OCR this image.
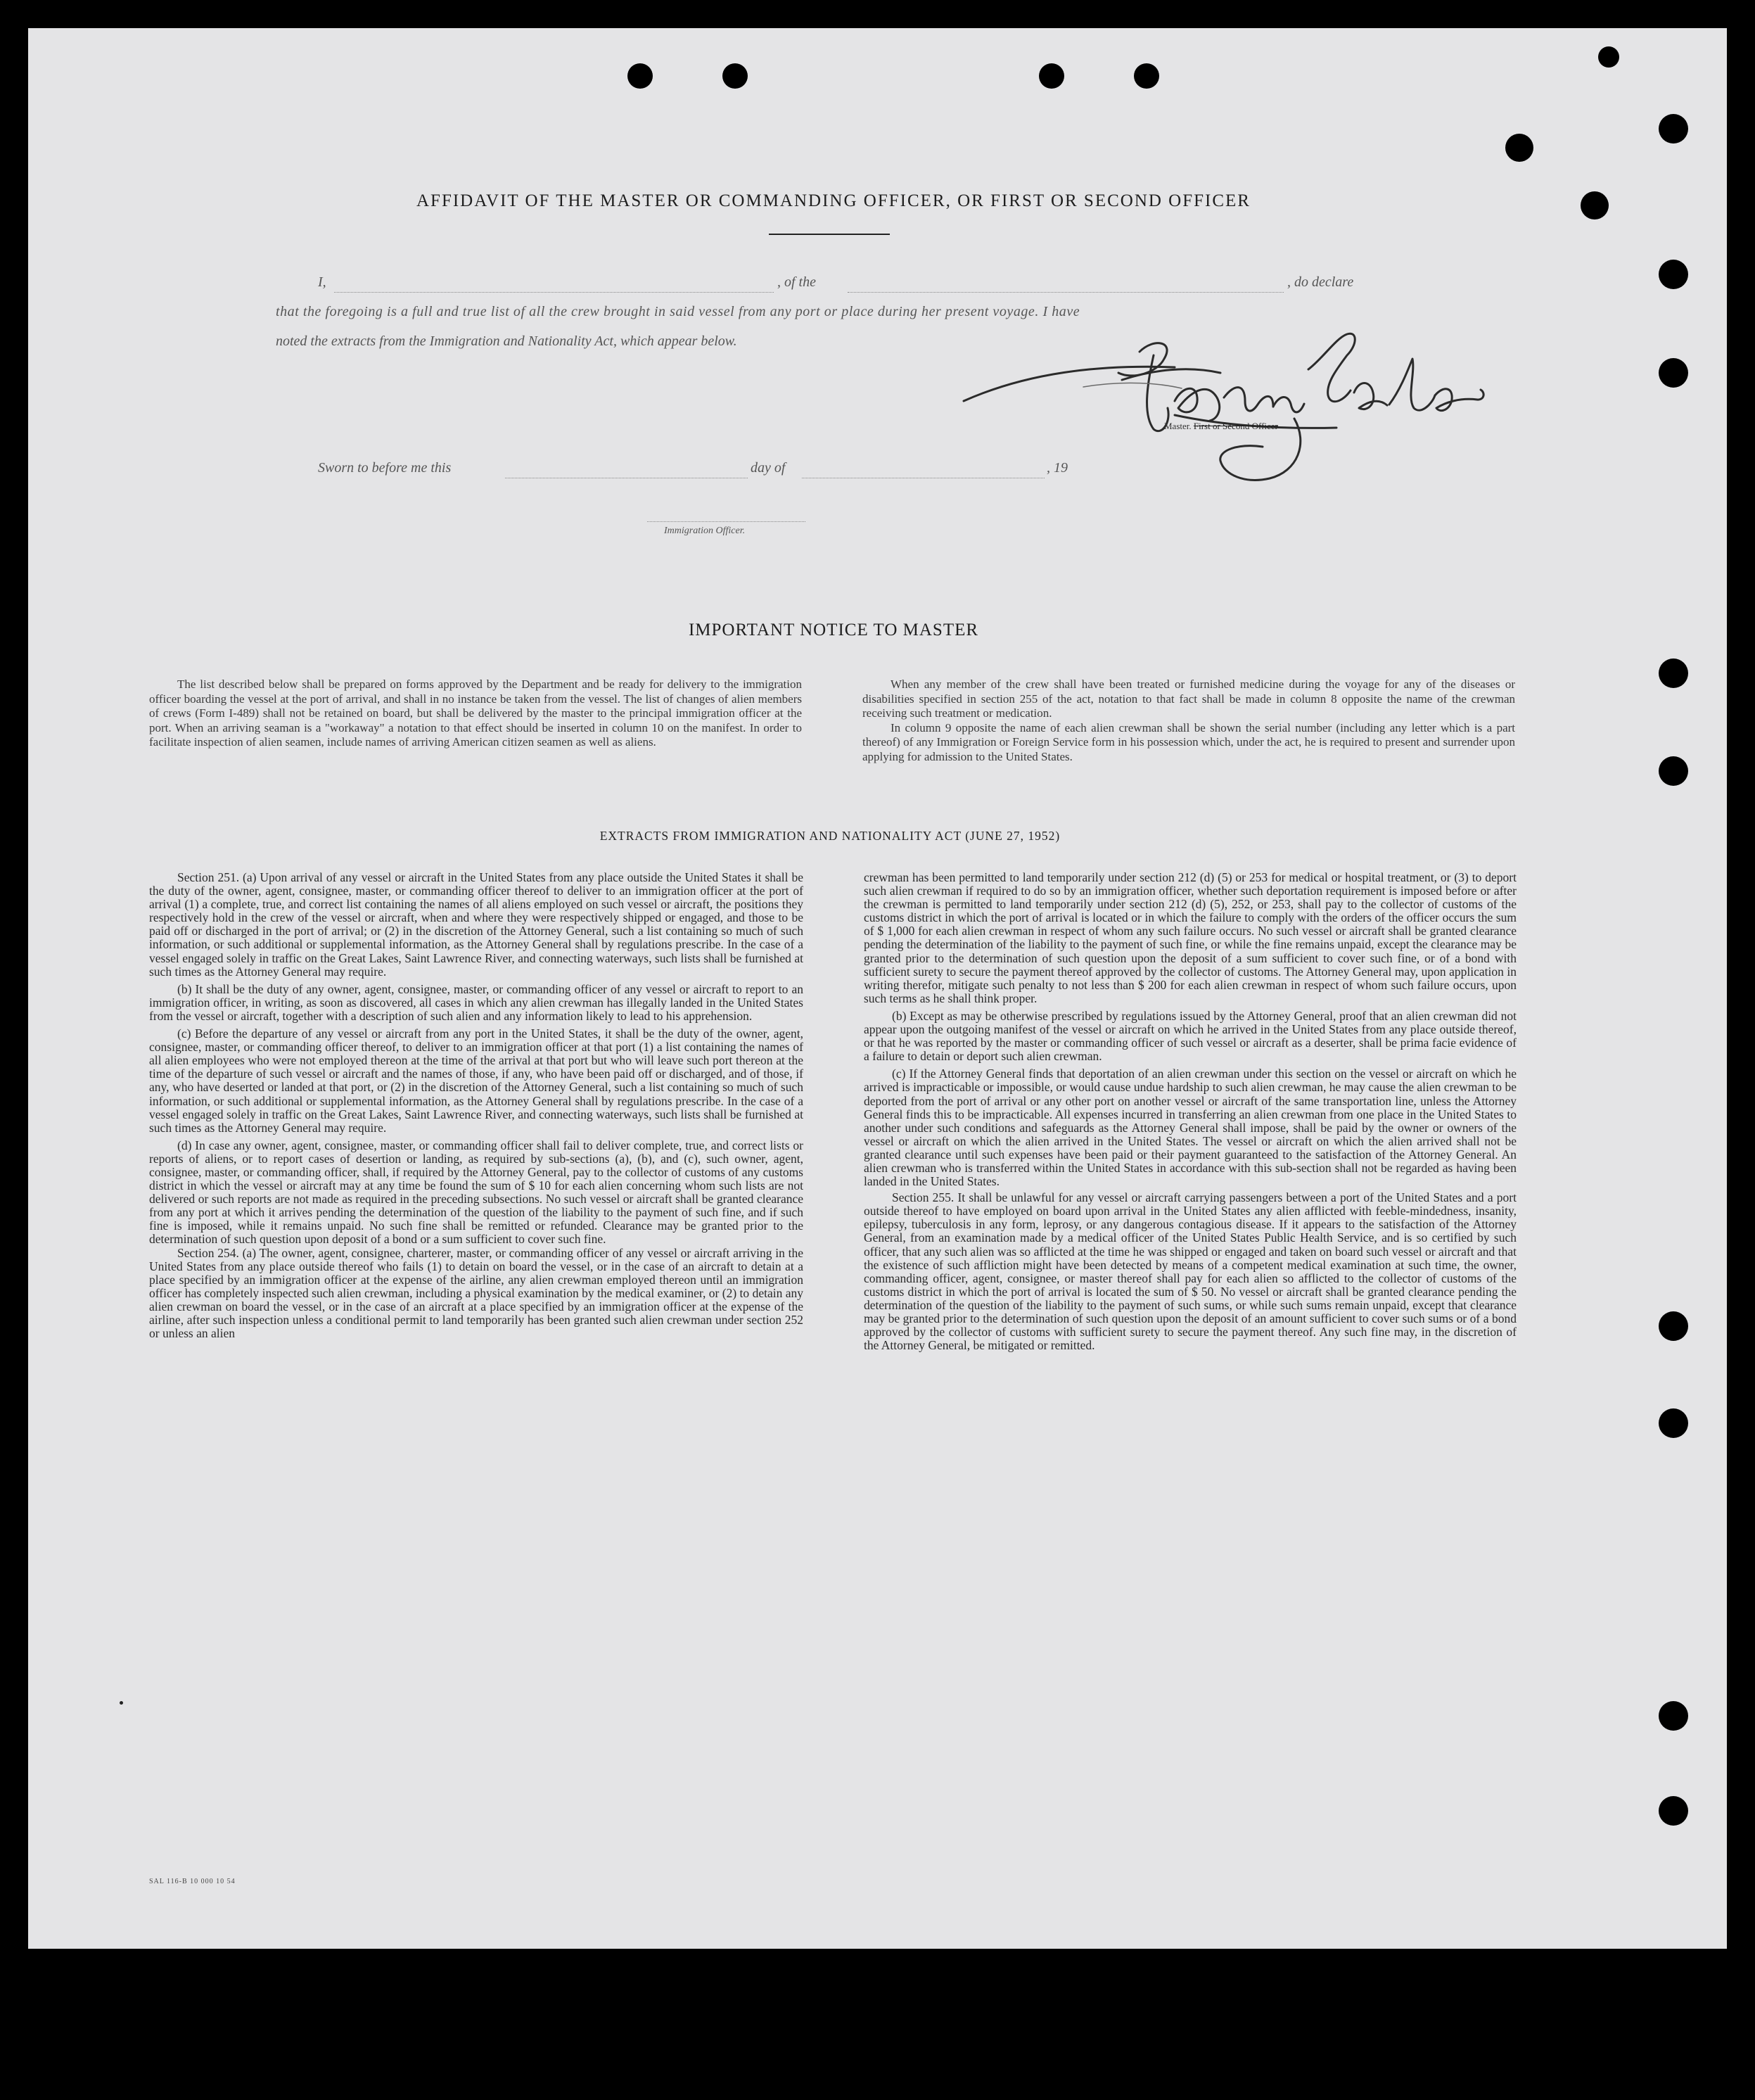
AFFIDAVIT OF THE MASTER OR COMMANDING OFFICER, OR FIRST OR SECOND OFFICER
I,	, of the	, do declare
that the foregoing is a full and true list of all the crew brought in said vessel from any port or place during her present voyage. I have
noted the extracts from the Immigration and Nationality Act, which appear below.
Master. First or Second Officer
Sworn to before me this	day of	, 19
Immigration Officer.
IMPORTANT NOTICE TO MASTER

The list described below shall be prepared on forms approved by the Department and be ready for delivery to the immigration officer boarding the vessel at the port of arrival, and shall in no instance be taken from the vessel. The list of changes of alien members of crews (Form I-489) shall not be retained on board, but shall be delivered by the master to the principal immigration officer at the port. When an arriving seaman is a "workaway" a notation to that effect should be inserted in column 10 on the manifest. In order to facilitate inspection of alien seamen, include names of arriving American citizen seamen as well as aliens.

When any member of the crew shall have been treated or furnished medicine during the voyage for any of the diseases or disabilities specified in section 255 of the act, notation to that fact shall be made in column 8 opposite the name of the crewman receiving such treatment or medication.

In column 9 opposite the name of each alien crewman shall be shown the serial number (including any letter which is a part thereof) of any Immigration or Foreign Service form in his possession which, under the act, he is required to present and surrender upon applying for admission to the United States.

EXTRACTS FROM IMMIGRATION AND NATIONALITY ACT (JUNE 27, 1952)

Section 251. (a) Upon arrival of any vessel or aircraft in the United States from any place outside the United States it shall be the duty of the owner, agent, consignee, master, or commanding officer thereof to deliver to an immigration officer at the port of arrival (1) a complete, true, and correct list containing the names of all aliens employed on such vessel or aircraft, the positions they respectively hold in the crew of the vessel or aircraft, when and where they were respectively shipped or engaged, and those to be paid off or discharged in the port of arrival; or (2) in the discretion of the Attorney General, such a list containing so much of such information, or such additional or supplemental information, as the Attorney General shall by regulations prescribe. In the case of a vessel engaged solely in traffic on the Great Lakes, Saint Lawrence River, and connecting waterways, such lists shall be furnished at such times as the Attorney General may require.

(b) It shall be the duty of any owner, agent, consignee, master, or commanding officer of any vessel or aircraft to report to an immigration officer, in writing, as soon as discovered, all cases in which any alien crewman has illegally landed in the United States from the vessel or aircraft, together with a description of such alien and any information likely to lead to his apprehension.

(c) Before the departure of any vessel or aircraft from any port in the United States, it shall be the duty of the owner, agent, consignee, master, or commanding officer thereof, to deliver to an immigration officer at that port (1) a list containing the names of all alien employees who were not employed thereon at the time of the arrival at that port but who will leave such port thereon at the time of the departure of such vessel or aircraft and the names of those, if any, who have been paid off or discharged, and of those, if any, who have deserted or landed at that port, or (2) in the discretion of the Attorney General, such a list containing so much of such information, or such additional or supplemental information, as the Attorney General shall by regulations prescribe. In the case of a vessel engaged solely in traffic on the Great Lakes, Saint Lawrence River, and connecting waterways, such lists shall be furnished at such times as the Attorney General may require.

(d) In case any owner, agent, consignee, master, or commanding officer shall fail to deliver complete, true, and correct lists or reports of aliens, or to report cases of desertion or landing, as required by sub-sections (a), (b), and (c), such owner, agent, consignee, master, or commanding officer, shall, if required by the Attorney General, pay to the collector of customs of any customs district in which the vessel or aircraft may at any time be found the sum of $ 10 for each alien concerning whom such lists are not delivered or such reports are not made as required in the preceding subsections. No such vessel or aircraft shall be granted clearance from any port at which it arrives pending the determination of the question of the liability to the payment of such fine, and if such fine is imposed, while it remains unpaid. No such fine shall be remitted or refunded. Clearance may be granted prior to the determination of such question upon deposit of a bond or a sum sufficient to cover such fine.

Section 254. (a) The owner, agent, consignee, charterer, master, or commanding officer of any vessel or aircraft arriving in the United States from any place outside thereof who fails (1) to detain on board the vessel, or in the case of an aircraft to detain at a place specified by an immigration officer at the expense of the airline, any alien crewman employed thereon until an immigration officer has completely inspected such alien crewman, including a physical examination by the medical examiner, or (2) to detain any alien crewman on board the vessel, or in the case of an aircraft at a place specified by an immigration officer at the expense of the airline, after such inspection unless a conditional permit to land temporarily has been granted such alien crewman under section 252 or unless an alien

crewman has been permitted to land temporarily under section 212 (d) (5) or 253 for medical or hospital treatment, or (3) to deport such alien crewman if required to do so by an immigration officer, whether such deportation requirement is imposed before or after the crewman is permitted to land temporarily under section 212 (d) (5), 252, or 253, shall pay to the collector of customs of the customs district in which the port of arrival is located or in which the failure to comply with the orders of the officer occurs the sum of $ 1,000 for each alien crewman in respect of whom any such failure occurs. No such vessel or aircraft shall be granted clearance pending the determination of the liability to the payment of such fine, or while the fine remains unpaid, except the clearance may be granted prior to the determination of such question upon the deposit of a sum sufficient to cover such fine, or of a bond with sufficient surety to secure the payment thereof approved by the collector of customs. The Attorney General may, upon application in writing therefor, mitigate such penalty to not less than $ 200 for each alien crewman in respect of whom such failure occurs, upon such terms as he shall think proper.

(b) Except as may be otherwise prescribed by regulations issued by the Attorney General, proof that an alien crewman did not appear upon the outgoing manifest of the vessel or aircraft on which he arrived in the United States from any place outside thereof, or that he was reported by the master or commanding officer of such vessel or aircraft as a deserter, shall be prima facie evidence of a failure to detain or deport such alien crewman.

(c) If the Attorney General finds that deportation of an alien crewman under this section on the vessel or aircraft on which he arrived is impracticable or impossible, or would cause undue hardship to such alien crewman, he may cause the alien crewman to be deported from the port of arrival or any other port on another vessel or aircraft of the same transportation line, unless the Attorney General finds this to be impracticable. All expenses incurred in transferring an alien crewman from one place in the United States to another under such conditions and safeguards as the Attorney General shall impose, shall be paid by the owner or owners of the vessel or aircraft on which the alien arrived in the United States. The vessel or aircraft on which the alien arrived shall not be granted clearance until such expenses have been paid or their payment guaranteed to the satisfaction of the Attorney General. An alien crewman who is transferred within the United States in accordance with this sub-section shall not be regarded as having been landed in the United States.

Section 255. It shall be unlawful for any vessel or aircraft carrying passengers between a port of the United States and a port outside thereof to have employed on board upon arrival in the United States any alien afflicted with feeble-mindedness, insanity, epilepsy, tuberculosis in any form, leprosy, or any dangerous contagious disease. If it appears to the satisfaction of the Attorney General, from an examination made by a medical officer of the United States Public Health Service, and is so certified by such officer, that any such alien was so afflicted at the time he was shipped or engaged and taken on board such vessel or aircraft and that the existence of such affliction might have been detected by means of a competent medical examination at such time, the owner, commanding officer, agent, consignee, or master thereof shall pay for each alien so afflicted to the collector of customs of the customs district in which the port of arrival is located the sum of $ 50. No vessel or aircraft shall be granted clearance pending the determination of the question of the liability to the payment of such sums, or while such sums remain unpaid, except that clearance may be granted prior to the determination of such question upon the deposit of an amount sufficient to cover such sums or of a bond approved by the collector of customs with sufficient surety to secure the payment thereof. Any such fine may, in the discretion of the Attorney General, be mitigated or remitted.

SAL 116-B 10 000 10 54
